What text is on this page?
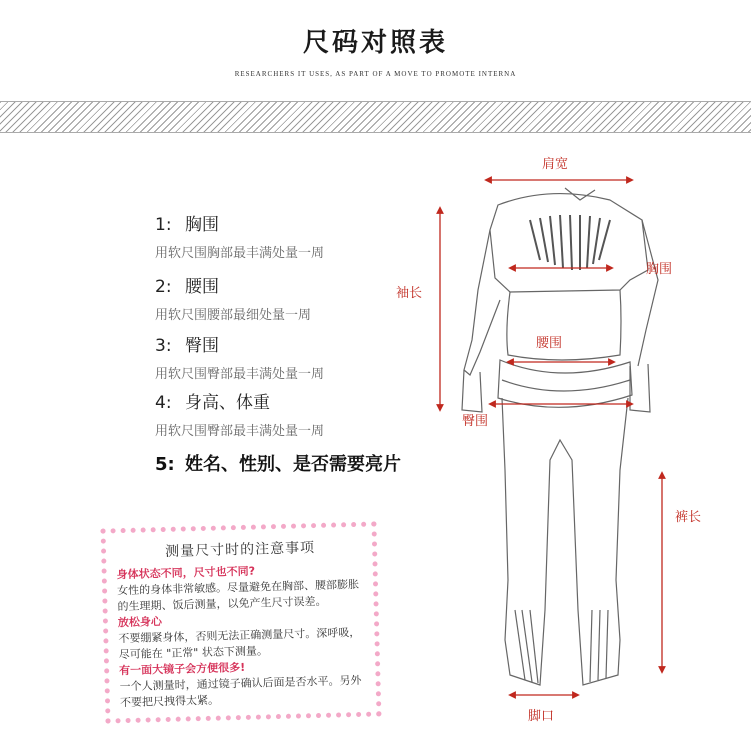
尺码对照表
RESEARCHERS IT USES, AS PART OF A MOVE TO PROMOTE INTERNA
1: 胸围
用软尺围胸部最丰满处量一周
2: 腰围
用软尺围腰部最细处量一周
3: 臀围
用软尺围臀部最丰满处量一周
4: 身高、体重
用软尺围臀部最丰满处量一周
5: 姓名、性别、是否需要亮片
测量尺寸时的注意事项
身体状态不同，尺寸也不同?
女性的身体非常敏感。尽量避免在胸部、腰部膨胀的生理期、饭后测量，以免产生尺寸误差。
放松身心
不要绷紧身体，否则无法正确测量尺寸。深呼吸，尽可能在 "正常" 状态下测量。
有一面大镜子会方便很多!
一个人测量时，通过镜子确认后面是否水平。另外不要把尺拽得太紧。
肩宽
胸围
袖长
腰围
臀围
裤长
脚口
